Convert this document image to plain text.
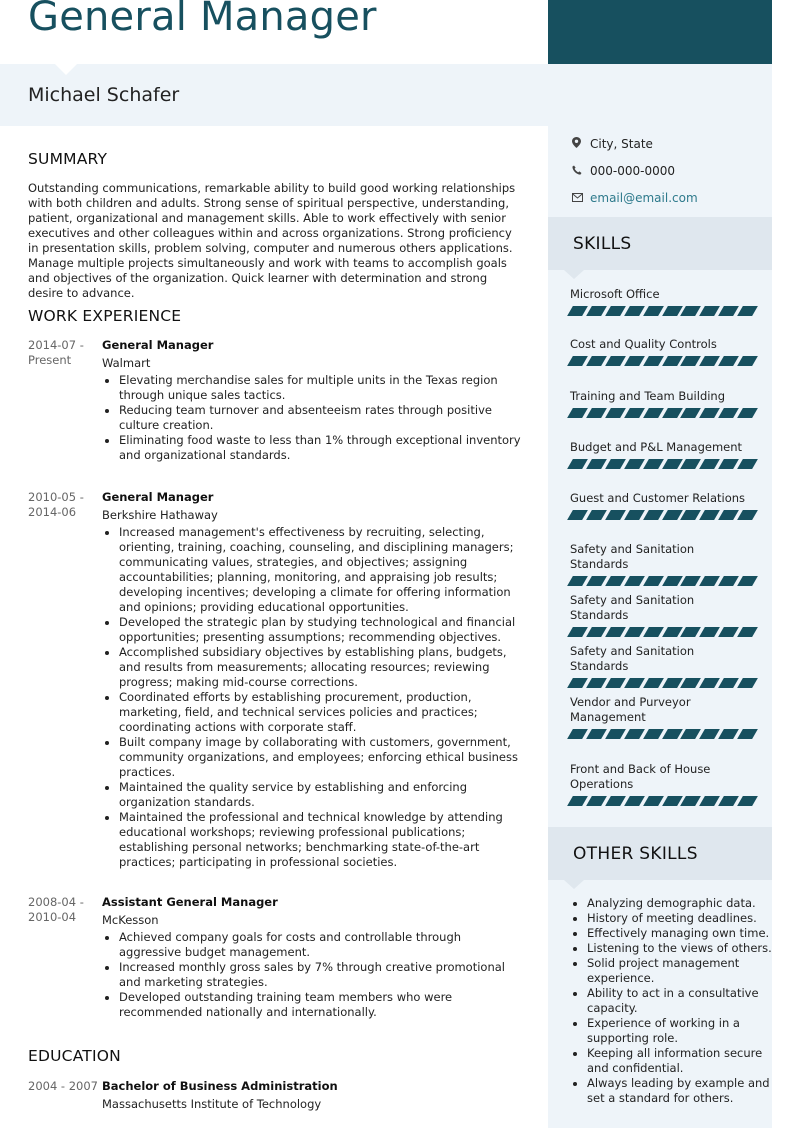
General Manager
Michael Schafer
SUMMARY

Outstanding communications, remarkable ability to build good working relationships with both children and adults. Strong sense of spiritual perspective, understanding, patient, organizational and management skills. Able to work effectively with senior executives and other colleagues within and across organizations. Strong proficiency in presentation skills, problem solving, computer and numerous others applications. Manage multiple projects simultaneously and work with teams to accomplish goals and objectives of the organization. Quick learner with determination and strong desire to advance.

WORK EXPERIENCE
2014-07 - Present
General Manager
Walmart
• Elevating merchandise sales for multiple units in the Texas region through unique sales tactics.
• Reducing team turnover and absenteeism rates through positive culture creation.
• Eliminating food waste to less than 1% through exceptional inventory and organizational standards.
2010-05 - 2014-06
General Manager
Berkshire Hathaway
• Increased management's effectiveness by recruiting, selecting, orienting, training, coaching, counseling, and disciplining managers; communicating values, strategies, and objectives; assigning accountabilities; planning, monitoring, and appraising job results; developing incentives; developing a climate for offering information and opinions; providing educational opportunities.
• Developed the strategic plan by studying technological and financial opportunities; presenting assumptions; recommending objectives.
• Accomplished subsidiary objectives by establishing plans, budgets, and results from measurements; allocating resources; reviewing progress; making mid-course corrections.
• Coordinated efforts by establishing procurement, production, marketing, field, and technical services policies and practices; coordinating actions with corporate staff.
• Built company image by collaborating with customers, government, community organizations, and employees; enforcing ethical business practices.
• Maintained the quality service by establishing and enforcing organization standards.
• Maintained the professional and technical knowledge by attending educational workshops; reviewing professional publications; establishing personal networks; benchmarking state-of-the-art practices; participating in professional societies.
2008-04 - 2010-04
Assistant General Manager
McKesson
• Achieved company goals for costs and controllable through aggressive budget management.
• Increased monthly gross sales by 7% through creative promotional and marketing strategies.
• Developed outstanding training team members who were recommended nationally and internationally.
EDUCATION
2004 - 2007 Bachelor of Business Administration
Massachusetts Institute of Technology
City, State
000-000-0000
email@email.com
SKILLS
Microsoft Office
Cost and Quality Controls
Training and Team Building
Budget and P&L Management
Guest and Customer Relations
Safety and Sanitation Standards
Safety and Sanitation Standards
Safety and Sanitation Standards
Vendor and Purveyor Management
Front and Back of House Operations
OTHER SKILLS
• Analyzing demographic data.
• History of meeting deadlines.
• Effectively managing own time.
• Listening to the views of others.
• Solid project management experience.
• Ability to act in a consultative capacity.
• Experience of working in a supporting role.
• Keeping all information secure and confidential.
• Always leading by example and set a standard for others.
